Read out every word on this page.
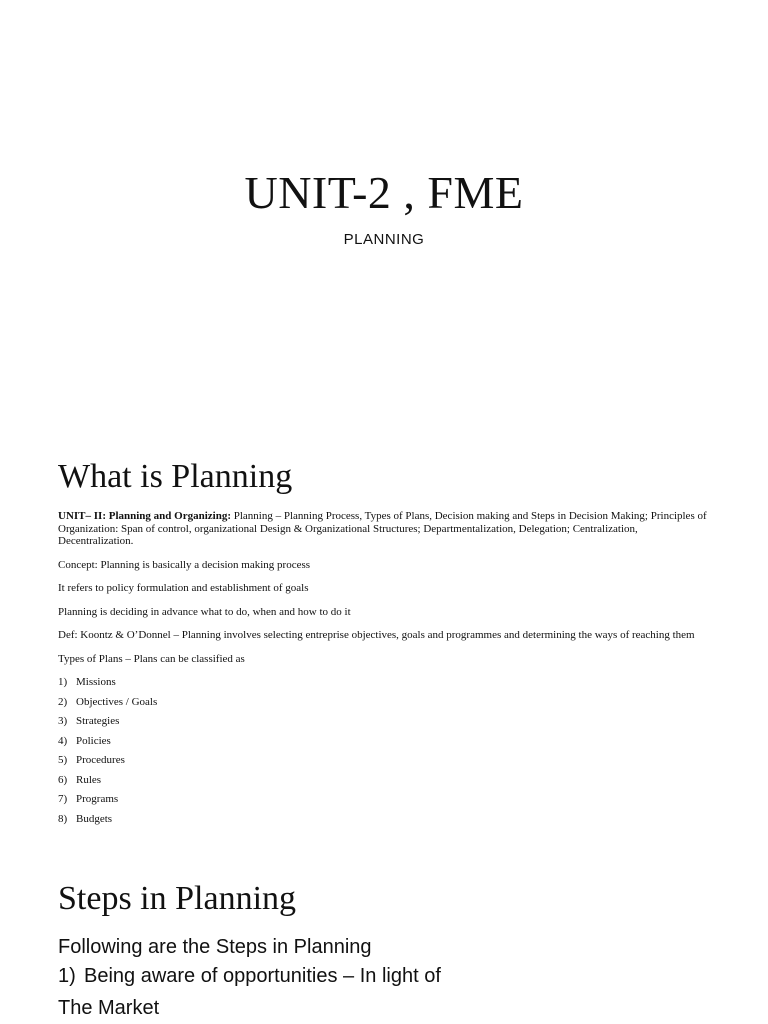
UNIT-2 , FME
PLANNING
What is Planning

UNIT– II: Planning and Organizing: Planning – Planning Process, Types of Plans, Decision making and Steps in Decision Making; Principles of Organization: Span of control, organizational Design & Organizational Structures; Departmentalization, Delegation; Centralization, Decentralization.

Concept: Planning is basically a decision making process

It refers to policy formulation and establishment of goals

Planning is deciding in advance what to do, when and how to do it

Def: Koontz & O’Donnel – Planning involves selecting entreprise objectives, goals and programmes and determining the ways of reaching them

Types of Plans – Plans can be classified as

1) Missions
2) Objectives / Goals
3) Strategies
4) Policies
5) Procedures
6) Rules
7) Programs
8) Budgets
Steps in Planning
Following are the Steps in Planning
1) Being aware of opportunities – In light of
The Market
